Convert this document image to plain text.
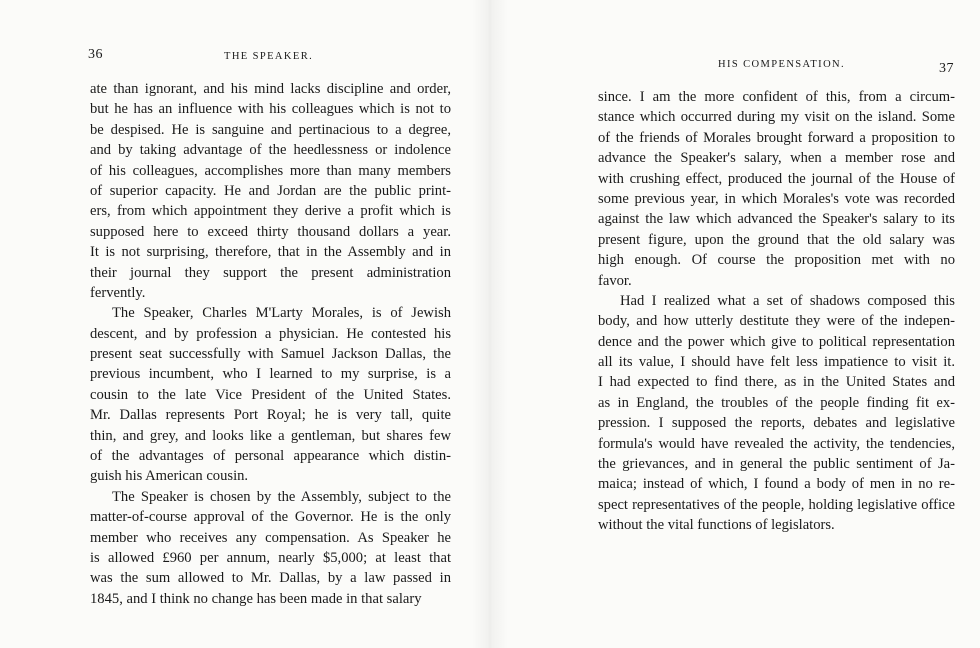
36	THE SPEAKER.
ate than ignorant, and his mind lacks discipline and order,
but he has an influence with his colleagues which is not to
be despised. He is sanguine and pertinacious to a degree,
and by taking advantage of the heedlessness or indolence
of his colleagues, accomplishes more than many members
of superior capacity. He and Jordan are the public print-
ers, from which appointment they derive a profit which is
supposed here to exceed thirty thousand dollars a year.
It is not surprising, therefore, that in the Assembly and in
their journal they support the present administration
fervently.
The Speaker, Charles M'Larty Morales, is of Jewish
descent, and by profession a physician. He contested his
present seat successfully with Samuel Jackson Dallas, the
previous incumbent, who I learned to my surprise, is a
cousin to the late Vice President of the United States.
Mr. Dallas represents Port Royal; he is very tall, quite
thin, and grey, and looks like a gentleman, but shares few
of the advantages of personal appearance which distin-
guish his American cousin.
The Speaker is chosen by the Assembly, subject to the
matter-of-course approval of the Governor. He is the only
member who receives any compensation. As Speaker he
is allowed £960 per annum, nearly $5,000; at least that
was the sum allowed to Mr. Dallas, by a law passed in
1845, and I think no change has been made in that salary
HIS COMPENSATION.	37
since. I am the more confident of this, from a circum-
stance which occurred during my visit on the island. Some
of the friends of Morales brought forward a proposition to
advance the Speaker's salary, when a member rose and
with crushing effect, produced the journal of the House of
some previous year, in which Morales's vote was recorded
against the law which advanced the Speaker's salary to its
present figure, upon the ground that the old salary was
high enough. Of course the proposition met with no
favor.
Had I realized what a set of shadows composed this
body, and how utterly destitute they were of the indepen-
dence and the power which give to political representation
all its value, I should have felt less impatience to visit it.
I had expected to find there, as in the United States and
as in England, the troubles of the people finding fit ex-
pression. I supposed the reports, debates and legislative
formula's would have revealed the activity, the tendencies,
the grievances, and in general the public sentiment of Ja-
maica; instead of which, I found a body of men in no re-
spect representatives of the people, holding legislative office
without the vital functions of legislators.
